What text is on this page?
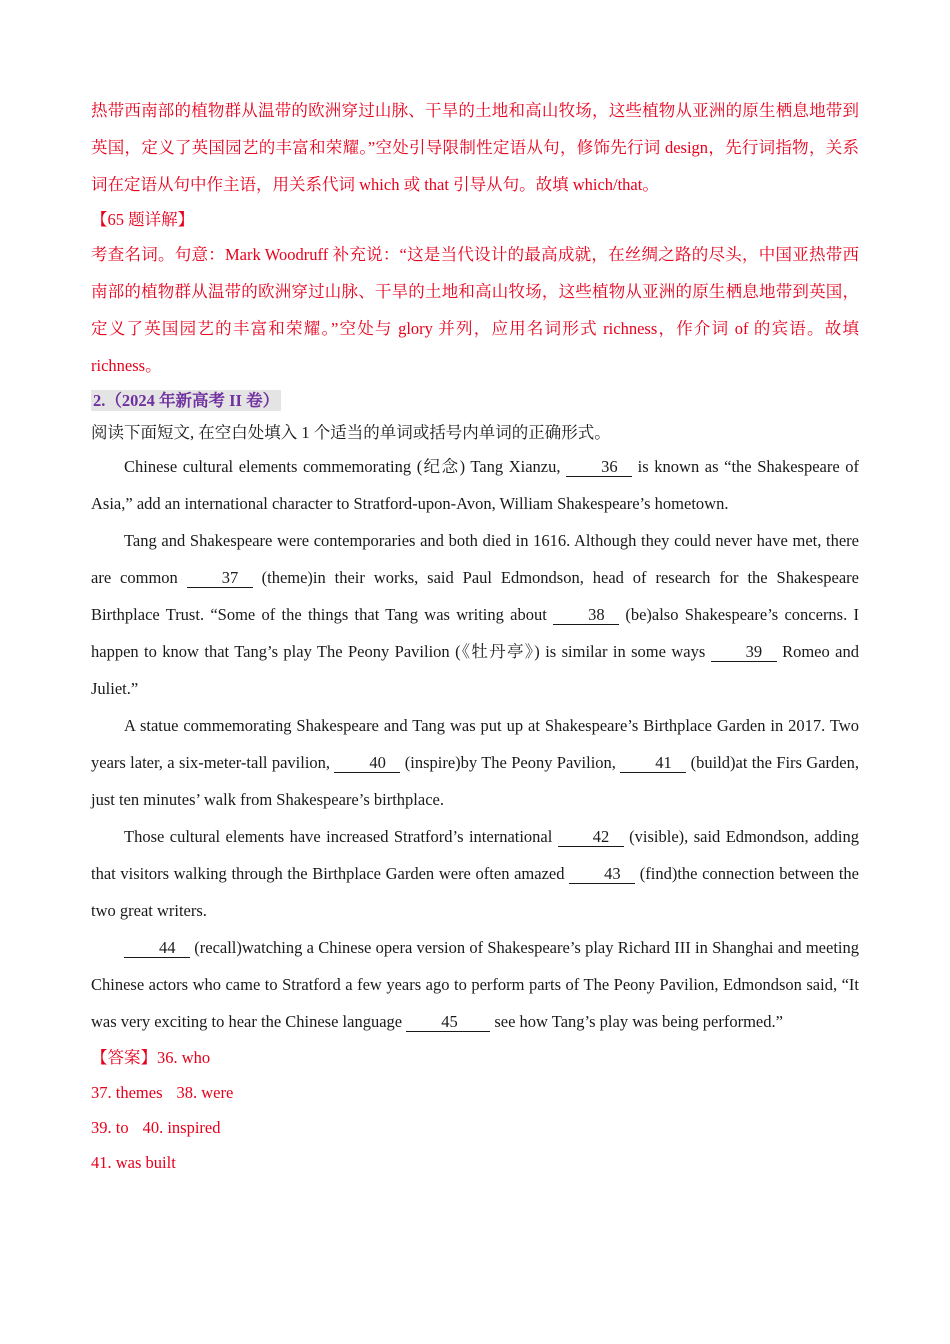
热带西南部的植物群从温带的欧洲穿过山脉、干旱的土地和高山牧场，这些植物从亚洲的原生栖息地带到英国，定义了英国园艺的丰富和荣耀。”空处引导限制性定语从句，修饰先行词 design，先行词指物，关系词在定语从句中作主语，用关系代词 which 或 that 引导从句。故填 which/that。

【65 题详解】

考查名词。句意：Mark Woodruff 补充说：“这是当代设计的最高成就，在丝绸之路的尽头，中国亚热带西南部的植物群从温带的欧洲穿过山脉、干旱的土地和高山牧场，这些植物从亚洲的原生栖息地带到英国，定义了英国园艺的丰富和荣耀。”空处与 glory 并列，应用名词形式 richness，作介词 of 的宾语。故填 richness。

2.（2024 年新高考 II 卷）

阅读下面短文, 在空白处填入 1 个适当的单词或括号内单词的正确形式。

Chinese cultural elements commemorating (纪念) Tang Xianzu, 36 is known as “the Shakespeare of Asia,” add an international character to Stratford-upon-Avon, William Shakespeare’s hometown.

Tang and Shakespeare were contemporaries and both died in 1616. Although they could never have met, there are common 37 (theme)in their works, said Paul Edmondson, head of research for the Shakespeare Birthplace Trust. “Some of the things that Tang was writing about 38 (be)also Shakespeare’s concerns. I happen to know that Tang’s play The Peony Pavilion (《牡丹亭》) is similar in some ways 39 Romeo and Juliet.”

A statue commemorating Shakespeare and Tang was put up at Shakespeare’s Birthplace Garden in 2017. Two years later, a six-meter-tall pavilion, 40 (inspire)by The Peony Pavilion, 41 (build)at the Firs Garden, just ten minutes’ walk from Shakespeare’s birthplace.

Those cultural elements have increased Stratford’s international 42 (visible), said Edmondson, adding that visitors walking through the Birthplace Garden were often amazed 43 (find)the connection between the two great writers.

44 (recall)watching a Chinese opera version of Shakespeare’s play Richard III in Shanghai and meeting Chinese actors who came to Stratford a few years ago to perform parts of The Peony Pavilion, Edmondson said, “It was very exciting to hear the Chinese language 45 see how Tang’s play was being performed.”

【答案】36. who

37. themes 38. were

39. to 40. inspired

41. was built
